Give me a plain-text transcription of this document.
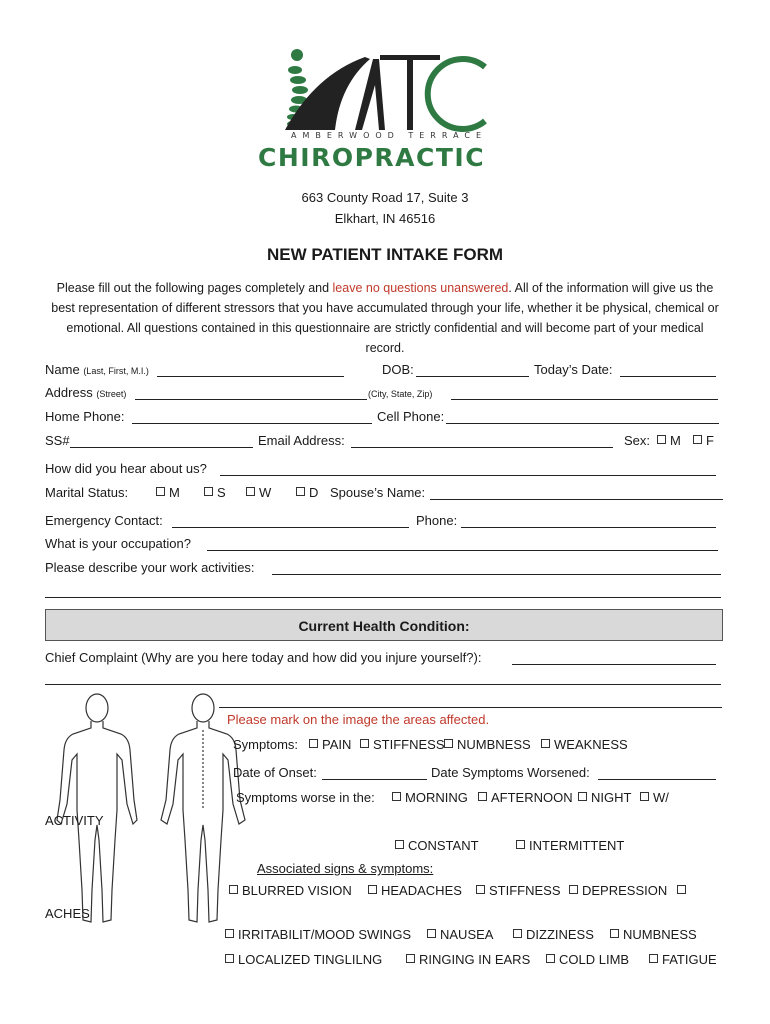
AMBERWOOD TERRACE
CHIROPRACTIC
663 County Road 17, Suite 3
Elkhart, IN 46516
NEW PATIENT INTAKE FORM
Please fill out the following pages completely and leave no questions unanswered. All of the information will give us the best representation of different stressors that you have accumulated through your life, whether it be physical, chemical or emotional. All questions contained in this questionnaire are strictly confidential and will become part of your medical record.
Name (Last, First, M.I.)	DOB:	Today’s Date:
Address (Street)	(City, State, Zip)
Home Phone:	Cell Phone:
SS#	Email Address:	Sex:	M	F
How did you hear about us?
Marital Status:	M	S	W	D Spouse’s Name:
Emergency Contact:	Phone:
What is your occupation?
Please describe your work activities:
Current Health Condition:
Chief Complaint (Why are you here today and how did you injure yourself?):
Please mark on the image the areas affected.
Symptoms:	PAIN	STIFFNESS NUMBNESS	WEAKNESS
Date of Onset:	Date Symptoms Worsened:
Symptoms worse in the:	MORNING	AFTERNOON	NIGHT	W/
ACTIVITY
CONSTANT	INTERMITTENT
Associated signs & symptoms:
BLURRED VISION	HEADACHES	STIFFNESS	DEPRESSION
ACHES
IRRITABILIT/MOOD SWINGS	NAUSEA	DIZZINESS	NUMBNESS
LOCALIZED TINGLILNG	RINGING IN EARS	COLD LIMB	FATIGUE
